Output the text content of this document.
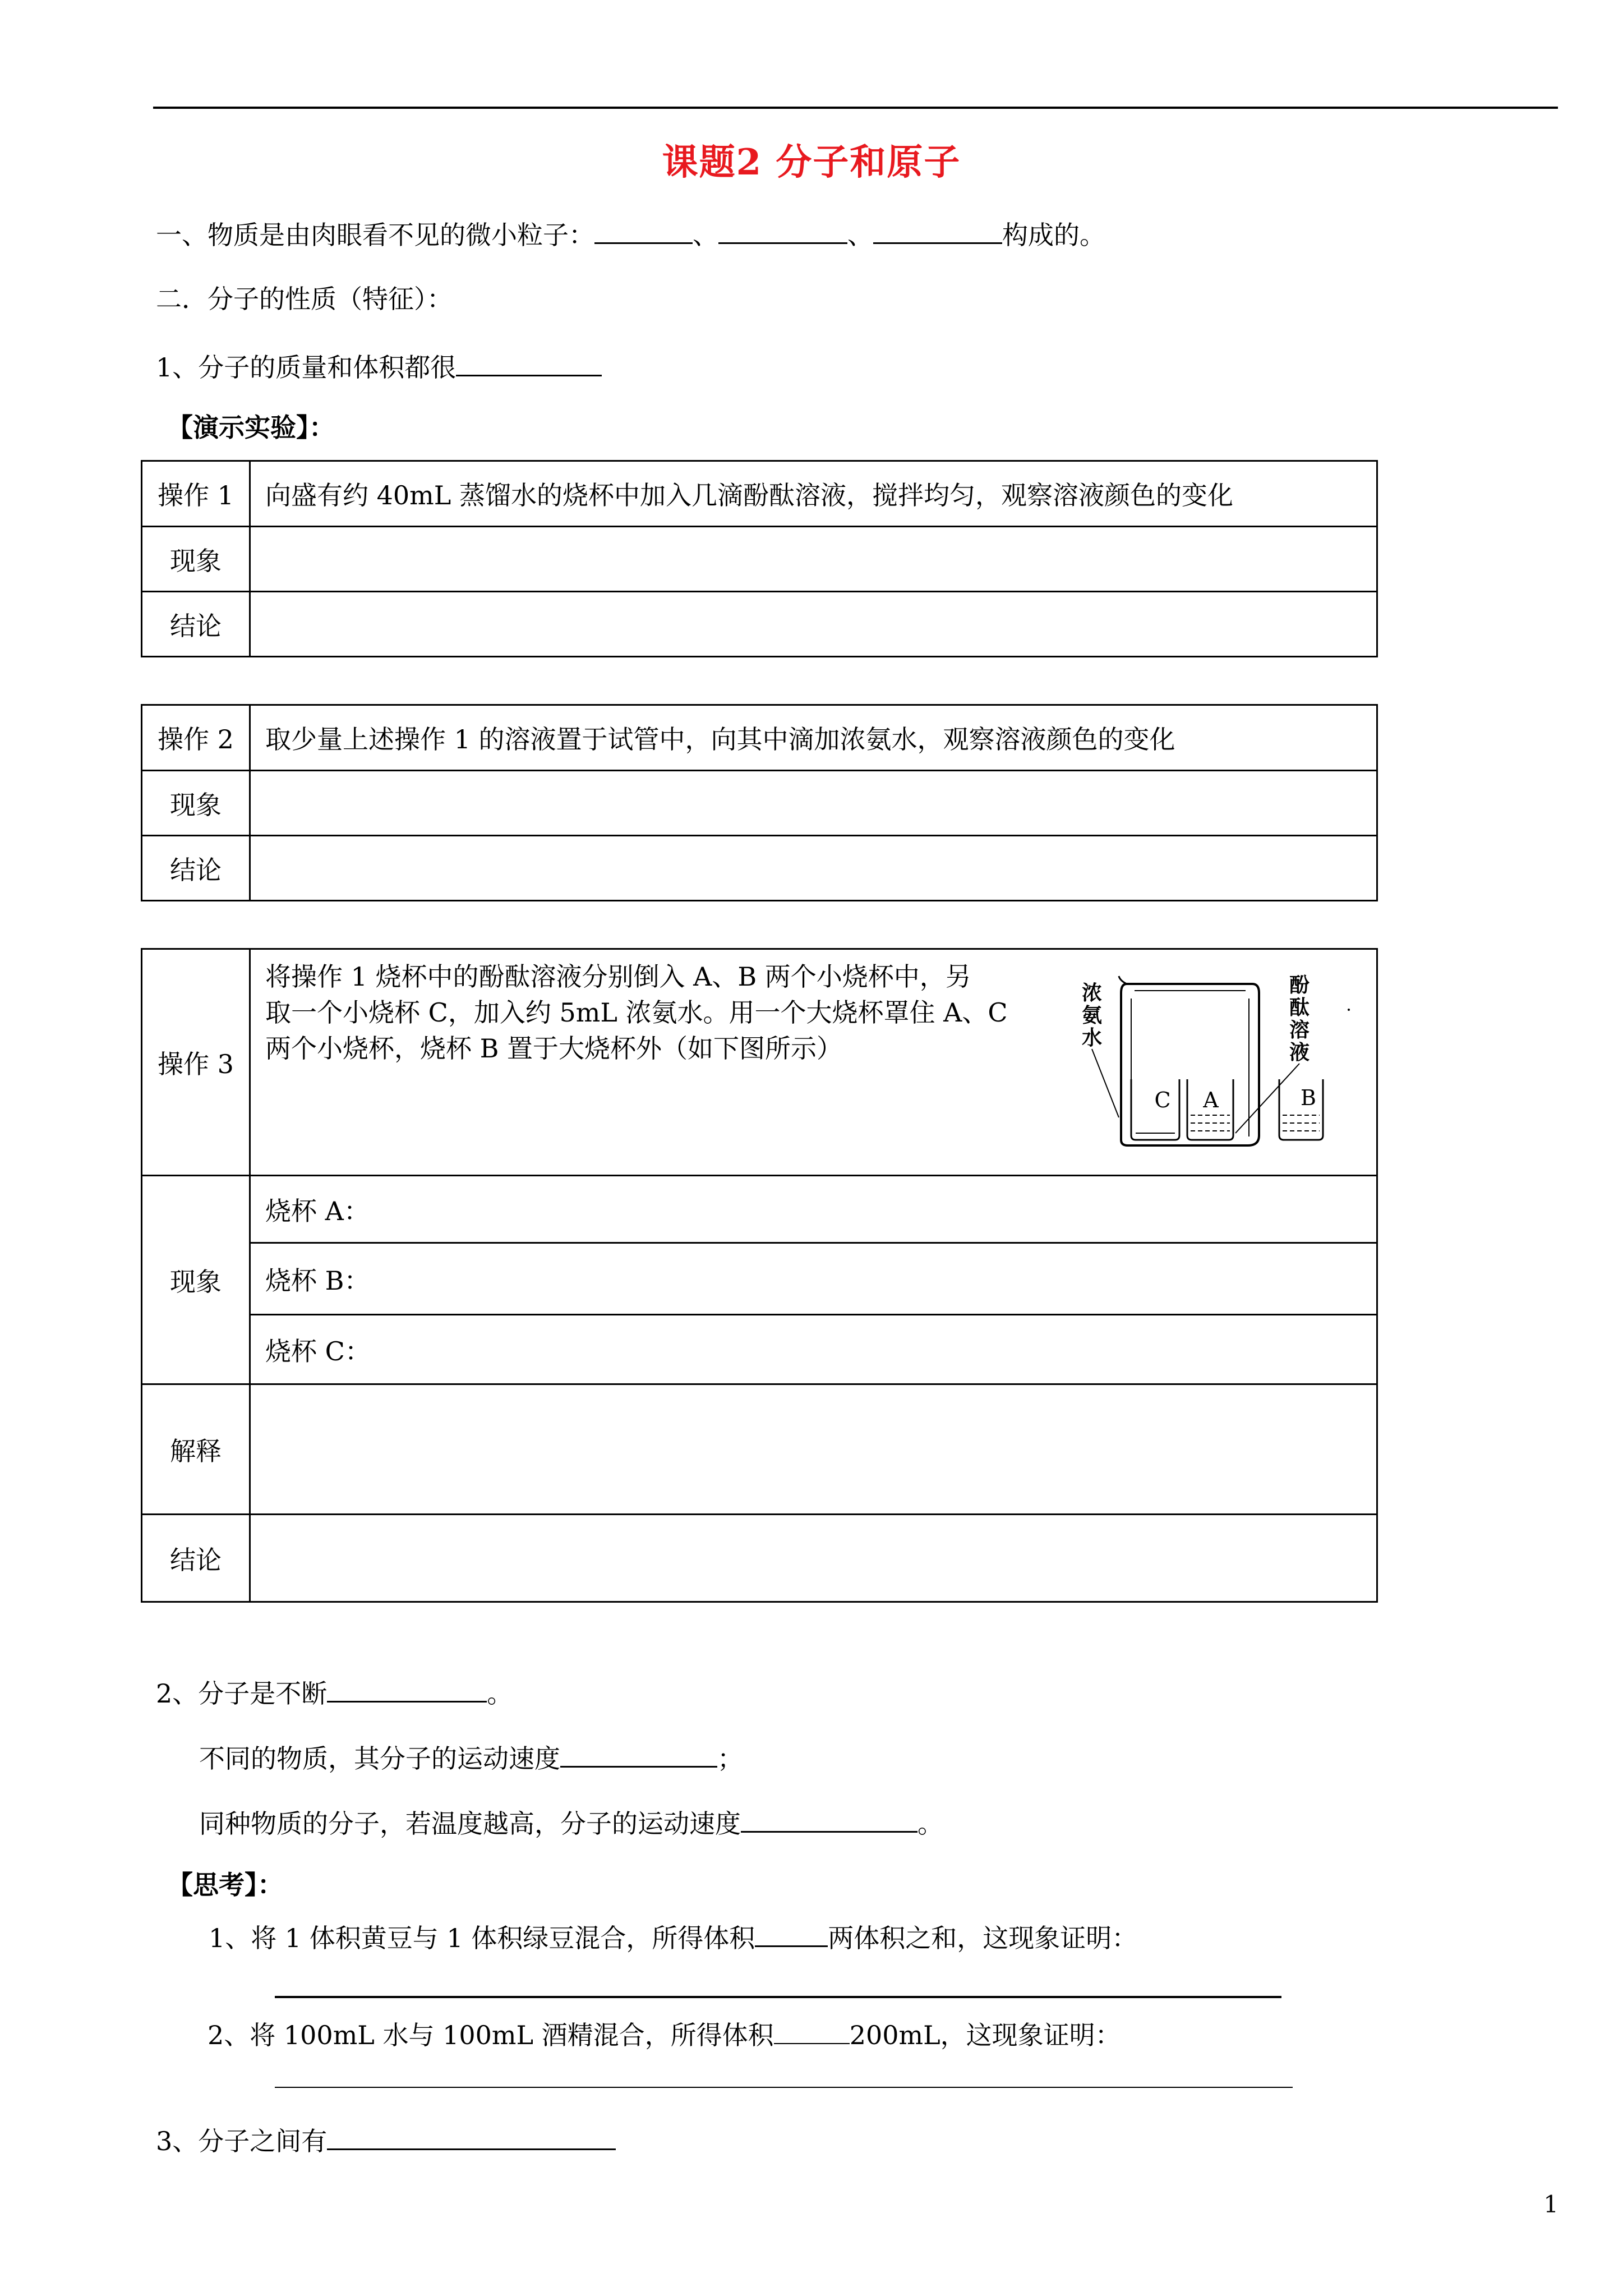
课题2 分子和原子
一、物质是由肉眼看不见的微小粒子：	、	、	构成的。
二．分子的性质（特征）：
1、分子的质量和体积都很
【演示实验】：
操作 1	向盛有约 40mL 蒸馏水的烧杯中加入几滴酚酞溶液，搅拌均匀，观察溶液颜色的变化
现象	
结论	
操作 2	取少量上述操作 1 的溶液置于试管中，向其中滴加浓氨水，观察溶液颜色的变化
现象	
结论	
操作 3	将操作 1 烧杯中的酚酞溶液分别倒入 A、B 两个小烧杯中，另
取一个小烧杯 C，加入约 5mL 浓氨水。用一个大烧杯罩住 A、C
两个小烧杯，烧杯 B 置于大烧杯外（如下图所示）

现象	烧杯 A：
	烧杯 B：
	烧杯 C：
解释	
结论	
浓
氨
水
酚
酞
溶
液
C A	B
2、分子是不断	。
不同的物质，其分子的运动速度	；
同种物质的分子，若温度越高，分子的运动速度	。
【思考】：
1、将 1 体积黄豆与 1 体积绿豆混合，所得体积	两体积之和，这现象证明：
2、将 100mL 水与 100mL 酒精混合，所得体积	200mL，这现象证明：
3、分子之间有
1
